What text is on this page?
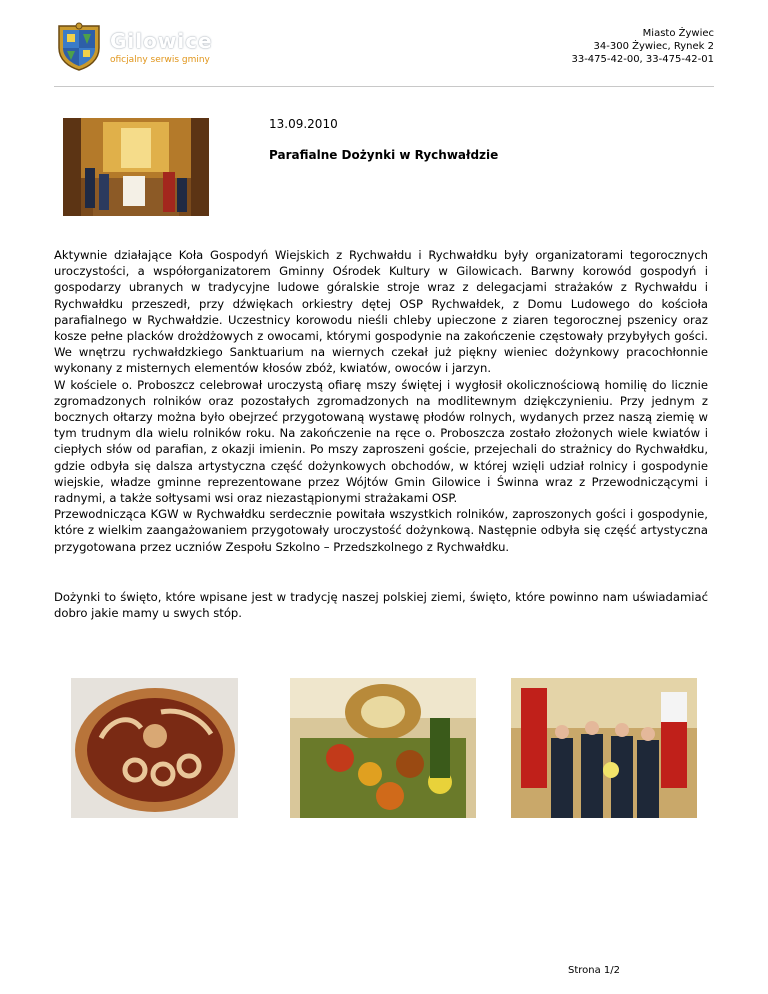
Gilowice
oficjalny serwis gminy
Miasto Żywiec
34-300 Żywiec, Rynek 2
33-475-42-00, 33-475-42-01
13.09.2010
Parafialne Dożynki w Rychwałdzie

Aktywnie działające Koła Gospodyń Wiejskich z Rychwałdu i Rychwałdku były organizatorami tegorocznych uroczystości, a współorganizatorem Gminny Ośrodek Kultury w Gilowicach. Barwny korowód gospodyń i gospodarzy ubranych w tradycyjne ludowe góralskie stroje wraz z delegacjami strażaków z Rychwałdu i Rychwałdku przeszedł, przy dźwiękach orkiestry dętej OSP Rychwałdek, z Domu Ludowego do kościoła parafialnego w Rychwałdzie. Uczestnicy korowodu nieśli chleby upieczone z ziaren tegorocznej pszenicy oraz kosze pełne placków drożdżowych z owocami, którymi gospodynie na zakończenie częstowały przybyłych gości. We wnętrzu rychwałdzkiego Sanktuarium na wiernych czekał już piękny wieniec dożynkowy pracochłonnie wykonany z misternych elementów kłosów zbóż, kwiatów, owoców i jarzyn.

W kościele o. Proboszcz celebrował uroczystą ofiarę mszy świętej i wygłosił okolicznościową homilię do licznie zgromadzonych rolników oraz pozostałych zgromadzonych na modlitewnym dziękczynieniu. Przy jednym z bocznych ołtarzy można było obejrzeć przygotowaną wystawę płodów rolnych, wydanych przez naszą ziemię w tym trudnym dla wielu rolników roku. Na zakończenie na ręce o. Proboszcza zostało złożonych wiele kwiatów i ciepłych słów od parafian, z okazji imienin. Po mszy zaproszeni goście, przejechali do strażnicy do Rychwałdku, gdzie odbyła się dalsza artystyczna część dożynkowych obchodów, w której wzięli udział rolnicy i gospodynie wiejskie, władze gminne reprezentowane przez Wójtów Gmin Gilowice i Świnna wraz z Przewodniczącymi i radnymi, a także sołtysami wsi oraz niezastąpionymi strażakami OSP.

Przewodnicząca KGW w Rychwałdku serdecznie powitała wszystkich rolników, zaproszonych gości i gospodynie, które z wielkim zaangażowaniem przygotowały uroczystość dożynkową. Następnie odbyła się część artystyczna przygotowana przez uczniów Zespołu Szkolno – Przedszkolnego z Rychwałdku.

Dożynki to święto, które wpisane jest w tradycję naszej polskiej ziemi, święto, które powinno nam uświadamiać dobro jakie mamy u swych stóp.

Strona 1/2
